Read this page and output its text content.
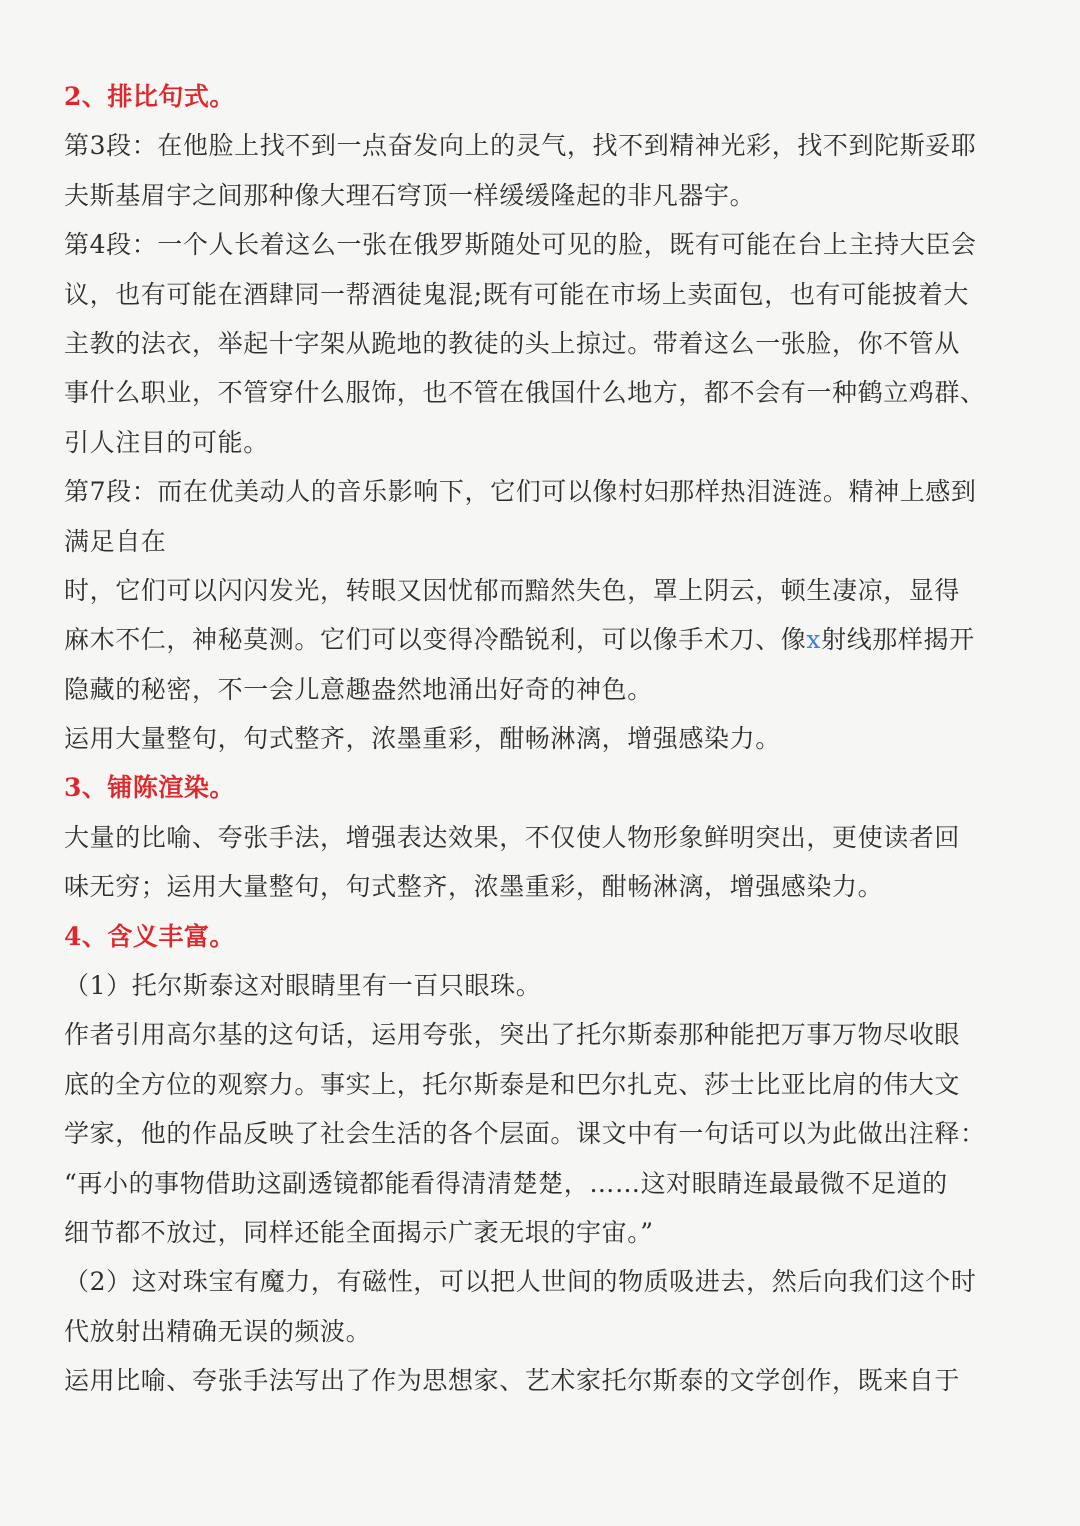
2、排比句式。
第3段：在他脸上找不到一点奋发向上的灵气，找不到精神光彩，找不到陀斯妥耶
夫斯基眉宇之间那种像大理石穹顶一样缓缓隆起的非凡器宇。
第4段：一个人长着这么一张在俄罗斯随处可见的脸，既有可能在台上主持大臣会
议，也有可能在酒肆同一帮酒徒鬼混;既有可能在市场上卖面包，也有可能披着大
主教的法衣，举起十字架从跪地的教徒的头上掠过。带着这么一张脸，你不管从
事什么职业，不管穿什么服饰，也不管在俄国什么地方，都不会有一种鹤立鸡群、
引人注目的可能。
第7段：而在优美动人的音乐影响下，它们可以像村妇那样热泪涟涟。精神上感到
满足自在
时，它们可以闪闪发光，转眼又因忧郁而黯然失色，罩上阴云，顿生凄凉，显得
麻木不仁，神秘莫测。它们可以变得冷酷锐利，可以像手术刀、像x射线那样揭开
隐藏的秘密，不一会儿意趣盎然地涌出好奇的神色。
运用大量整句，句式整齐，浓墨重彩，酣畅淋漓，增强感染力。
3、铺陈渲染。
大量的比喻、夸张手法，增强表达效果，不仅使人物形象鲜明突出，更使读者回
味无穷；运用大量整句，句式整齐，浓墨重彩，酣畅淋漓，增强感染力。
4、含义丰富。
（1）托尔斯泰这对眼睛里有一百只眼珠。
作者引用高尔基的这句话，运用夸张，突出了托尔斯泰那种能把万事万物尽收眼
底的全方位的观察力。事实上，托尔斯泰是和巴尔扎克、莎士比亚比肩的伟大文
学家，他的作品反映了社会生活的各个层面。课文中有一句话可以为此做出注释：
“再小的事物借助这副透镜都能看得清清楚楚，……这对眼睛连最最微不足道的
细节都不放过，同样还能全面揭示广袤无垠的宇宙。”
（2）这对珠宝有魔力，有磁性，可以把人世间的物质吸进去，然后向我们这个时
代放射出精确无误的频波。
运用比喻、夸张手法写出了作为思想家、艺术家托尔斯泰的文学创作，既来自于
